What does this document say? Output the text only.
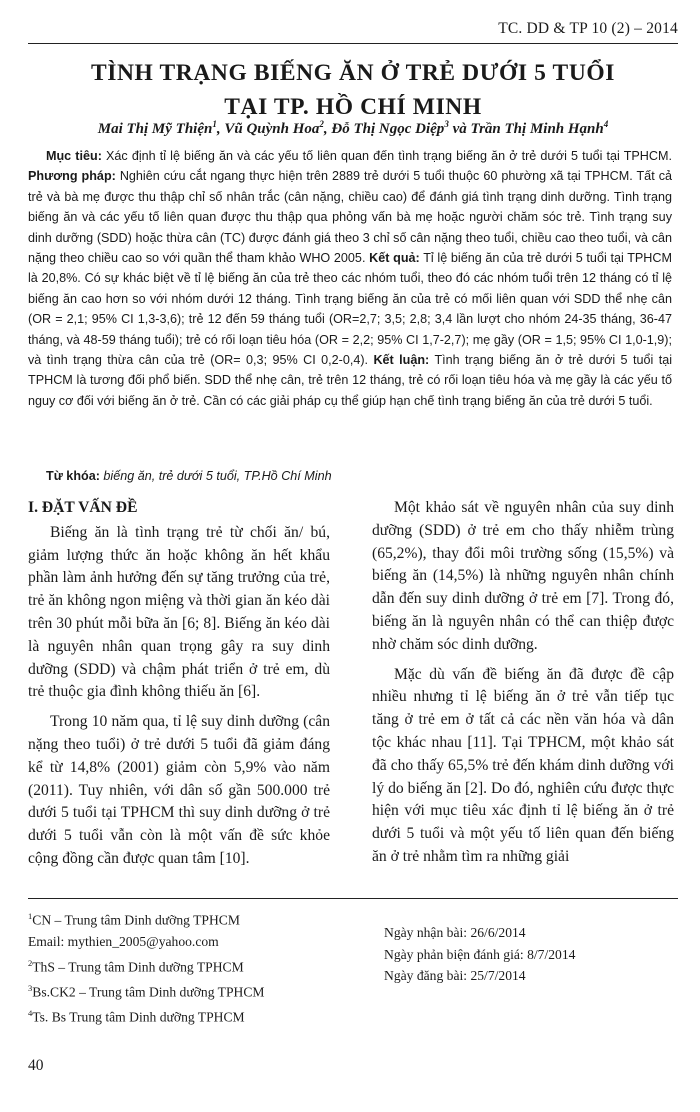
TC. DD & TP 10 (2) – 2014
TÌNH TRẠNG BIẾNG ĂN Ở TRẺ DƯỚI 5 TUỔI
TẠI TP. HỒ CHÍ MINH
Mai Thị Mỹ Thiện$^1$, Vũ Quỳnh Hoa$^2$, Đỗ Thị Ngọc Diệp$^3$ và Trần Thị Minh Hạnh$^4$

Mục tiêu: Xác định tỉ lệ biếng ăn và các yếu tố liên quan đến tình trạng biếng ăn ở trẻ dưới 5 tuổi tại TPHCM. Phương pháp: Nghiên cứu cắt ngang thực hiện trên 2889 trẻ dưới 5 tuổi thuộc 60 phường xã tại TPHCM. Tất cả trẻ và bà mẹ được thu thập chỉ số nhân trắc (cân nặng, chiều cao) để đánh giá tình trạng dinh dưỡng. Tình trạng biếng ăn và các yếu tố liên quan được thu thập qua phỏng vấn bà mẹ hoặc người chăm sóc trẻ. Tình trạng suy dinh dưỡng (SDD) hoặc thừa cân (TC) được đánh giá theo 3 chỉ số cân nặng theo tuổi, chiều cao theo tuổi, và cân nặng theo chiều cao so với quần thể tham khảo WHO 2005. Kết quả: Tỉ lệ biếng ăn của trẻ dưới 5 tuổi tại TPHCM là 20,8%. Có sự khác biệt về tỉ lệ biếng ăn của trẻ theo các nhóm tuổi, theo đó các nhóm tuổi trên 12 tháng có tỉ lệ biếng ăn cao hơn so với nhóm dưới 12 tháng. Tình trạng biếng ăn của trẻ có mối liên quan với SDD thể nhẹ cân (OR = 2,1; 95% CI 1,3-3,6); trẻ 12 đến 59 tháng tuổi (OR=2,7; 3,5; 2,8; 3,4 lần lượt cho nhóm 24-35 tháng, 36-47 tháng, và 48-59 tháng tuổi); trẻ có rối loạn tiêu hóa (OR = 2,2; 95% CI 1,7-2,7); mẹ gầy (OR = 1,5; 95% CI 1,0-1,9); và tình trạng thừa cân của trẻ (OR= 0,3; 95% CI 0,2-0,4). Kết luận: Tình trạng biếng ăn ở trẻ dưới 5 tuổi tại TPHCM là tương đối phổ biến. SDD thể nhẹ cân, trẻ trên 12 tháng, trẻ có rối loạn tiêu hóa và mẹ gầy là các yếu tố nguy cơ đối với biếng ăn ở trẻ. Cần có các giải pháp cụ thể giúp hạn chế tình trạng biếng ăn của trẻ dưới 5 tuổi.

Từ khóa: biếng ăn, trẻ dưới 5 tuổi, TP.Hồ Chí Minh
I. ĐẶT VẤN ĐỀ

Biếng ăn là tình trạng trẻ từ chối ăn/ bú, giảm lượng thức ăn hoặc không ăn hết khẩu phần làm ảnh hưởng đến sự tăng trưởng của trẻ, trẻ ăn không ngon miệng và thời gian ăn kéo dài trên 30 phút mỗi bữa ăn [6; 8]. Biếng ăn kéo dài là nguyên nhân quan trọng gây ra suy dinh dưỡng (SDD) và chậm phát triển ở trẻ em, dù trẻ thuộc gia đình không thiếu ăn [6].

Trong 10 năm qua, tỉ lệ suy dinh dưỡng (cân nặng theo tuổi) ở trẻ dưới 5 tuổi đã giảm đáng kể từ 14,8% (2001) giảm còn 5,9% vào năm (2011). Tuy nhiên, với dân số gần 500.000 trẻ dưới 5 tuổi tại TPHCM thì suy dinh dưỡng ở trẻ dưới 5 tuổi vẫn còn là một vấn đề sức khỏe cộng đồng cần được quan tâm [10].

Một khảo sát về nguyên nhân của suy dinh dưỡng (SDD) ở trẻ em cho thấy nhiễm trùng (65,2%), thay đổi môi trường sống (15,5%) và biếng ăn (14,5%) là những nguyên nhân chính dẫn đến suy dinh dưỡng ở trẻ em [7]. Trong đó, biếng ăn là nguyên nhân có thể can thiệp được nhờ chăm sóc dinh dưỡng.

Mặc dù vấn đề biếng ăn đã được đề cập nhiều nhưng tỉ lệ biếng ăn ở trẻ vẫn tiếp tục tăng ở trẻ em ở tất cả các nền văn hóa và dân tộc khác nhau [11]. Tại TPHCM, một khảo sát đã cho thấy 65,5% trẻ đến khám dinh dưỡng với lý do biếng ăn [2]. Do đó, nghiên cứu được thực hiện với mục tiêu xác định tỉ lệ biếng ăn ở trẻ dưới 5 tuổi và một yếu tố liên quan đến biếng ăn ở trẻ nhằm tìm ra những giải

$^1$CN – Trung tâm Dinh dưỡng TPHCM
Email: mythien_2005@yahoo.com
$^2$ThS – Trung tâm Dinh dưỡng TPHCM
$^3$Bs.CK2 – Trung tâm Dinh dưỡng TPHCM
$^4$Ts. Bs Trung tâm Dinh dưỡng TPHCM
Ngày nhận bài: 26/6/2014
Ngày phản biện đánh giá: 8/7/2014
Ngày đăng bài: 25/7/2014
40
